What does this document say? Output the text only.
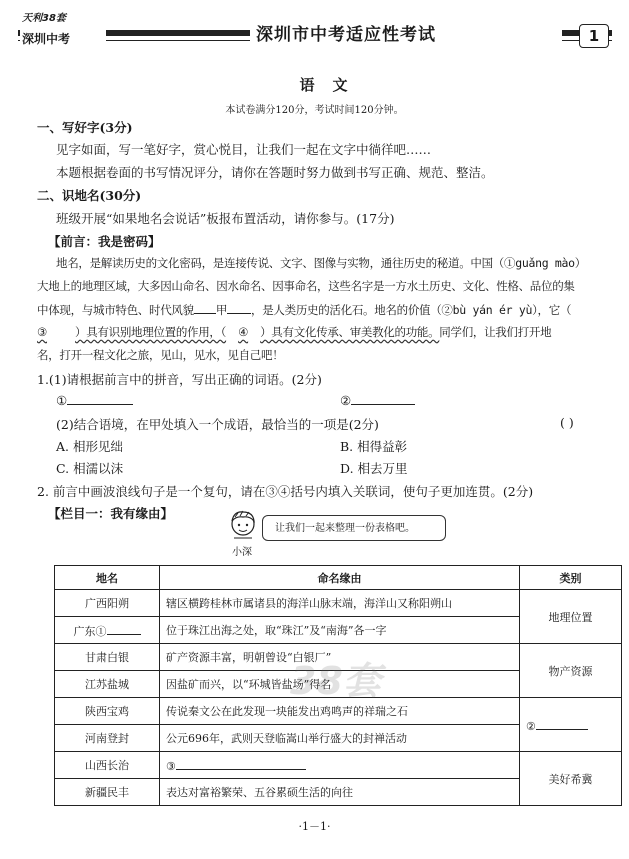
天利38套
深圳中考	深圳市中考适应性考试	1
语文
本试卷满分120分，考试时间120分钟。
一、写好字(3分)
见字如面，写一笔好字，赏心悦目，让我们一起在文字中徜徉吧……
本题根据卷面的书写情况评分，请你在答题时努力做到书写正确、规范、整洁。
二、识地名(30分)
班级开展“如果地名会说话”板报布置活动，请你参与。(17分)
【前言：我是密码】
地名，是解读历史的文化密码，是连接传说、文字、图像与实物，通往历史的秘道。中国（①guǎng mào）
大地上的地理区域，大多因山命名、因水命名、因事命名，这些名字是一方水土历史、文化、性格、品位的集
中体现，与城市特色、时代风貌 甲 ，是人类历史的活化石。地名的价值（②bù yán ér yù），它（
③ ）具有识别地理位置的作用，（ ④ ）具有文化传承、审美教化的功能。同学们，让我们打开地
名，打开一程文化之旅，见山，见水，见自己吧！
1.(1)请根据前言中的拼音，写出正确的词语。(2分)
①	②
(2)结合语境，在甲处填入一个成语，最恰当的一项是(2分)	( )
A. 相形见绌	B. 相得益彰
C. 相濡以沫	D. 相去万里
2. 前言中画波浪线句子是一个复句，请在③④括号内填入关联词，使句子更加连贯。(2分)
【栏目一：我有缘由】
小深
让我们一起来整理一份表格吧。
地名	命名缘由	类别
广西阳朔	辖区横跨桂林市属诸县的海洋山脉末端，海洋山又称阳朔山	地理位置
广东①	位于珠江出海之处，取“珠江”及“南海”各一字	
甘肃白银	矿产资源丰富，明朝曾设“白银厂”	物产资源
江苏盐城	因盐矿而兴，以“环城皆盐场”得名	
陕西宝鸡	传说秦文公在此发现一块能发出鸡鸣声的祥瑞之石	②
河南登封	公元696年，武则天登临嵩山举行盛大的封禅活动	
山西长治	③	美好希冀
新疆民丰	表达对富裕繁荣、五谷累硕生活的向往	
38套
·1－1·
